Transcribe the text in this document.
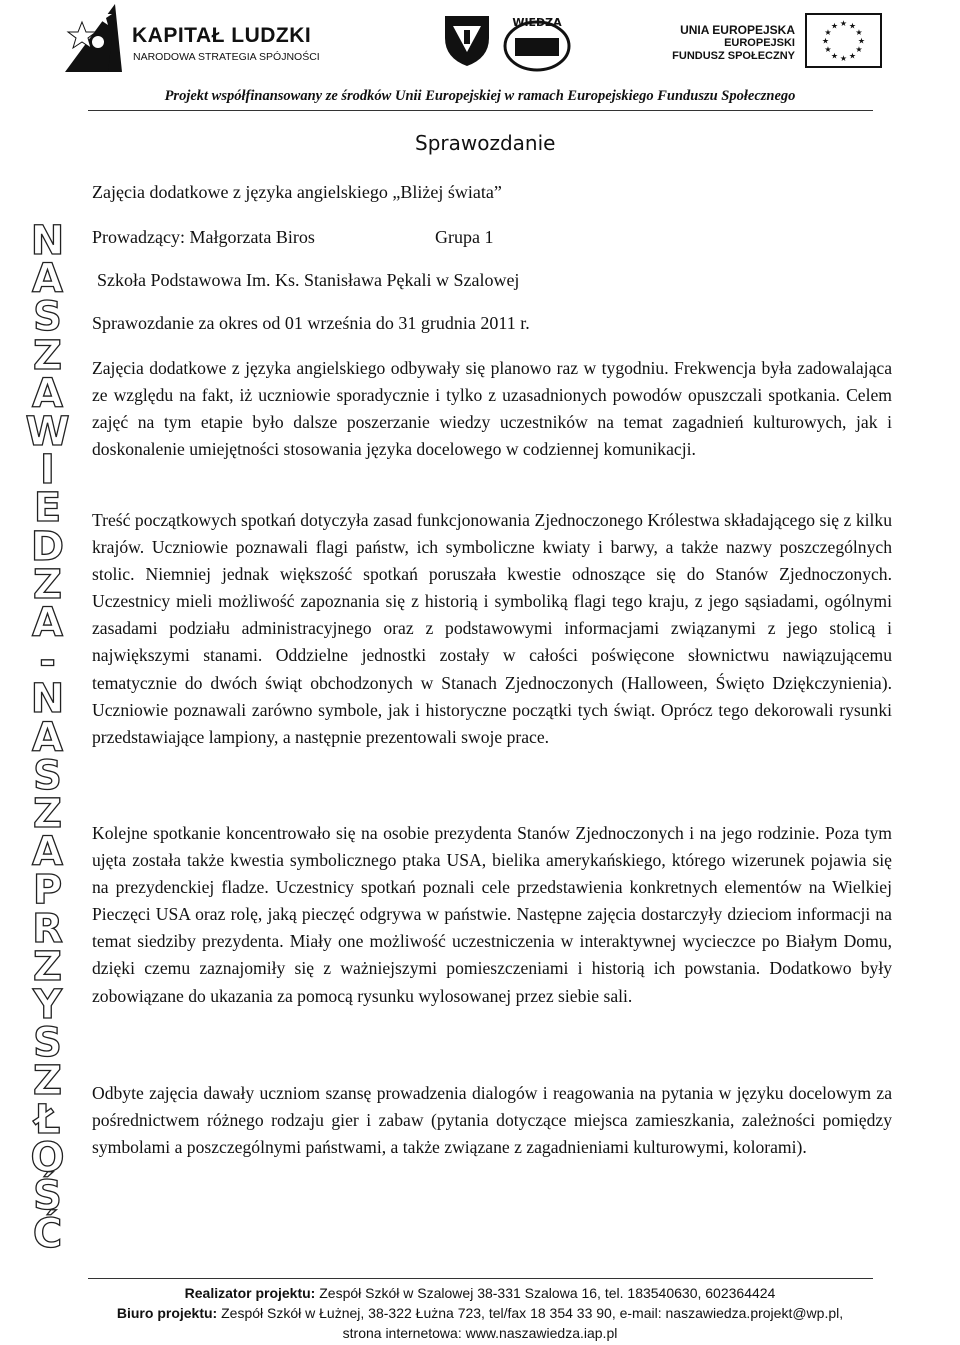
KAPITAŁ LUDZKI
NARODOWA STRATEGIA SPÓJNOŚCI
WIEDZA
UNIA EUROPEJSKA
EUROPEJSKI
FUNDUSZ SPOŁECZNY
★ ★
★
★
★
★
★
★
★
★
★
★
Projekt współfinansowany ze środków Unii Europejskiej w ramach Europejskiego Funduszu Społecznego
N
A
S
Z
A
W
I
E
D
Z
A
-
N
A
S
Z
A
P
R
Z
Y
S
Z
Ł
O
Ś
Ć
Sprawozdanie
Zajęcia dodatkowe z języka angielskiego „Bliżej świata”
Prowadzący: Małgorzata Biros	Grupa 1
Szkoła Podstawowa Im. Ks. Stanisława Pękali w Szalowej
Sprawozdanie za okres od 01 września do 31 grudnia 2011 r.
Zajęcia dodatkowe z języka angielskiego odbywały się planowo raz w tygodniu. Frekwencja była zadowalająca ze względu na fakt, iż uczniowie sporadycznie i tylko z uzasadnionych powodów opuszczali spotkania. Celem zajęć na tym etapie było dalsze poszerzanie wiedzy uczestników na temat zagadnień kulturowych, jak i doskonalenie umiejętności stosowania języka docelowego w codziennej komunikacji.
Treść początkowych spotkań dotyczyła zasad funkcjonowania Zjednoczonego Królestwa składającego się z kilku krajów. Uczniowie poznawali flagi państw, ich symboliczne kwiaty i barwy, a także nazwy poszczególnych stolic. Niemniej jednak większość spotkań poruszała kwestie odnoszące się do Stanów Zjednoczonych. Uczestnicy mieli możliwość zapoznania się z historią i symboliką flagi tego kraju, z jego sąsiadami, ogólnymi zasadami podziału administracyjnego oraz z podstawowymi informacjami związanymi z jego stolicą i największymi stanami. Oddzielne jednostki zostały w całości poświęcone słownictwu nawiązującemu tematycznie do dwóch świąt obchodzonych w Stanach Zjednoczonych (Halloween, Święto Dziękczynienia). Uczniowie poznawali zarówno symbole, jak i historyczne początki tych świąt. Oprócz tego dekorowali rysunki przedstawiające lampiony, a następnie prezentowali swoje prace.
Kolejne spotkanie koncentrowało się na osobie prezydenta Stanów Zjednoczonych i na jego rodzinie. Poza tym ujęta została także kwestia symbolicznego ptaka USA, bielika amerykańskiego, którego wizerunek pojawia się na prezydenckiej fladze. Uczestnicy spotkań poznali cele przedstawienia konkretnych elementów na Wielkiej Pieczęci USA oraz rolę, jaką pieczęć odgrywa w państwie. Następne zajęcia dostarczyły dzieciom informacji na temat siedziby prezydenta. Miały one możliwość uczestniczenia w interaktywnej wycieczce po Białym Domu, dzięki czemu zaznajomiły się z ważniejszymi pomieszczeniami i historią ich powstania. Dodatkowo były zobowiązane do ukazania za pomocą rysunku wylosowanej przez siebie sali.
Odbyte zajęcia dawały uczniom szansę prowadzenia dialogów i reagowania na pytania w języku docelowym za pośrednictwem różnego rodzaju gier i zabaw (pytania dotyczące miejsca zamieszkania, zależności pomiędzy symbolami a poszczególnymi państwami, a także związane z zagadnieniami kulturowymi, kolorami).
Realizator projektu: Zespół Szkół w Szalowej 38-331 Szalowa 16, tel. 183540630, 602364424
Biuro projektu: Zespół Szkół w Łużnej, 38-322 Łużna 723, tel/fax 18 354 33 90, e-mail: naszawiedza.projekt@wp.pl,
strona internetowa: www.naszawiedza.iap.pl
